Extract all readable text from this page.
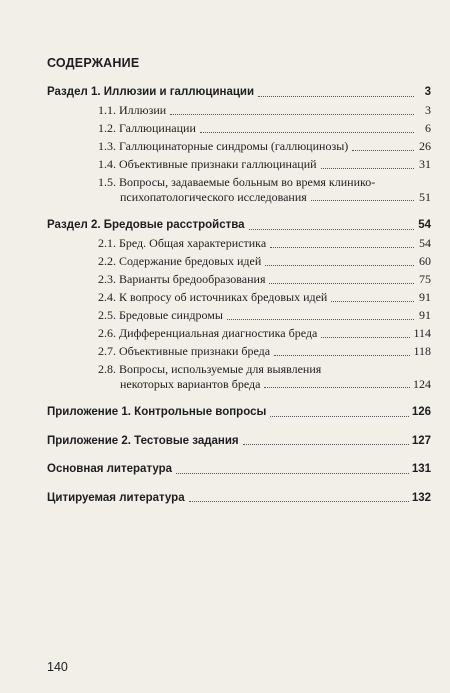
СОДЕРЖАНИЕ
Раздел 1. Иллюзии и галлюцинации	3
1.1. Иллюзии	3
1.2. Галлюцинации	6
1.3. Галлюцинаторные синдромы (галлюцинозы)	26
1.4. Объективные признаки галлюцинаций	31
1.5. Вопросы, задаваемые больным во время клинико-
психопатологического исследования	51
Раздел 2. Бредовые расстройства	54
2.1. Бред. Общая характеристика	54
2.2. Содержание бредовых идей	60
2.3. Варианты бредообразования	75
2.4. К вопросу об источниках бредовых идей	91
2.5. Бредовые синдромы	91
2.6. Дифференциальная диагностика бреда	114
2.7. Объективные признаки бреда	118
2.8. Вопросы, используемые для выявления
некоторых вариантов бреда	124
Приложение 1. Контрольные вопросы	126
Приложение 2. Тестовые задания	127
Основная литература	131
Цитируемая литература	132
140
